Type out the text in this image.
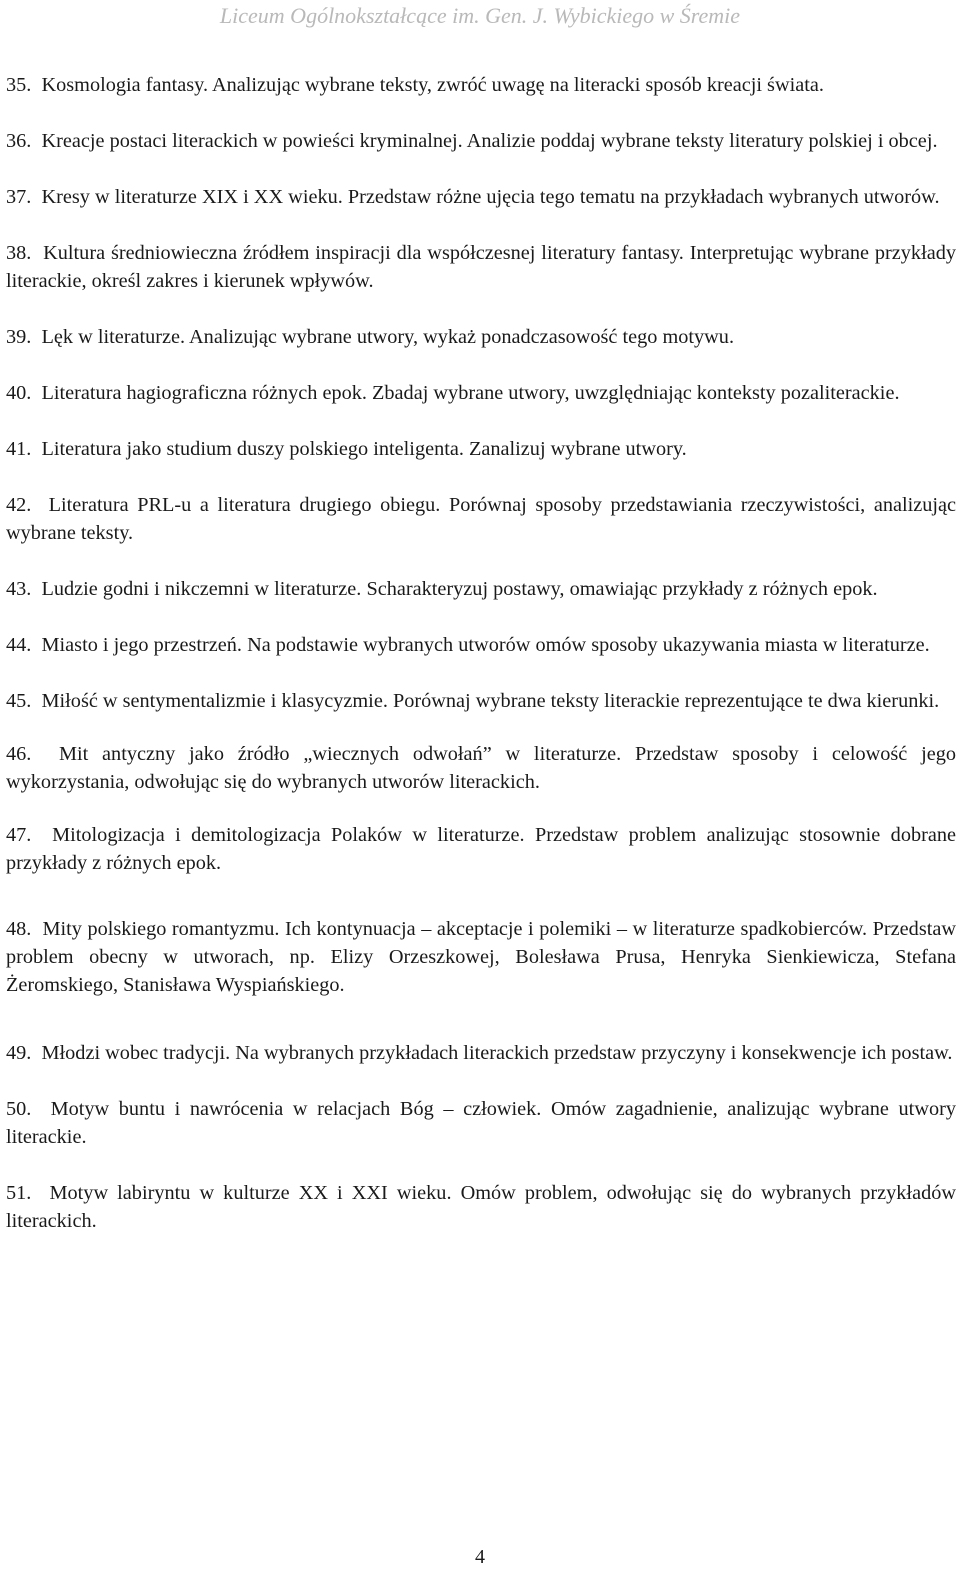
Liceum Ogólnokształcące im. Gen. J. Wybickiego w Śremie

35. Kosmologia fantasy. Analizując wybrane teksty, zwróć uwagę na literacki sposób kreacji świata.

36. Kreacje postaci literackich w powieści kryminalnej. Analizie poddaj wybrane teksty literatury polskiej i obcej.

37. Kresy w literaturze XIX i XX wieku. Przedstaw różne ujęcia tego tematu na przykładach wybranych utworów.

38. Kultura średniowieczna źródłem inspiracji dla współczesnej literatury fantasy. Interpretując wybrane przykłady literackie, określ zakres i kierunek wpływów.

39. Lęk w literaturze. Analizując wybrane utwory, wykaż ponadczasowość tego motywu.

40. Literatura hagiograficzna różnych epok. Zbadaj wybrane utwory, uwzględniając konteksty pozaliterackie.

41. Literatura jako studium duszy polskiego inteligenta. Zanalizuj wybrane utwory.

42. Literatura PRL-u a literatura drugiego obiegu. Porównaj sposoby przedstawiania rzeczywistości, analizując wybrane teksty.

43. Ludzie godni i nikczemni w literaturze. Scharakteryzuj postawy, omawiając przykłady z różnych epok.

44. Miasto i jego przestrzeń. Na podstawie wybranych utworów omów sposoby ukazywania miasta w literaturze.

45. Miłość w sentymentalizmie i klasycyzmie. Porównaj wybrane teksty literackie reprezentujące te dwa kierunki.

46. Mit antyczny jako źródło „wiecznych odwołań” w literaturze. Przedstaw sposoby i celowość jego wykorzystania, odwołując się do wybranych utworów literackich.

47. Mitologizacja i demitologizacja Polaków w literaturze. Przedstaw problem analizując stosownie dobrane przykłady z różnych epok.

48. Mity polskiego romantyzmu. Ich kontynuacja – akceptacje i polemiki – w literaturze spadkobierców. Przedstaw problem obecny w utworach, np. Elizy Orzeszkowej, Bolesława Prusa, Henryka Sienkiewicza, Stefana Żeromskiego, Stanisława Wyspiańskiego.

49. Młodzi wobec tradycji. Na wybranych przykładach literackich przedstaw przyczyny i konsekwencje ich postaw.

50. Motyw buntu i nawrócenia w relacjach Bóg – człowiek. Omów zagadnienie, analizując wybrane utwory literackie.

51. Motyw labiryntu w kulturze XX i XXI wieku. Omów problem, odwołując się do wybranych przykładów literackich.

4
